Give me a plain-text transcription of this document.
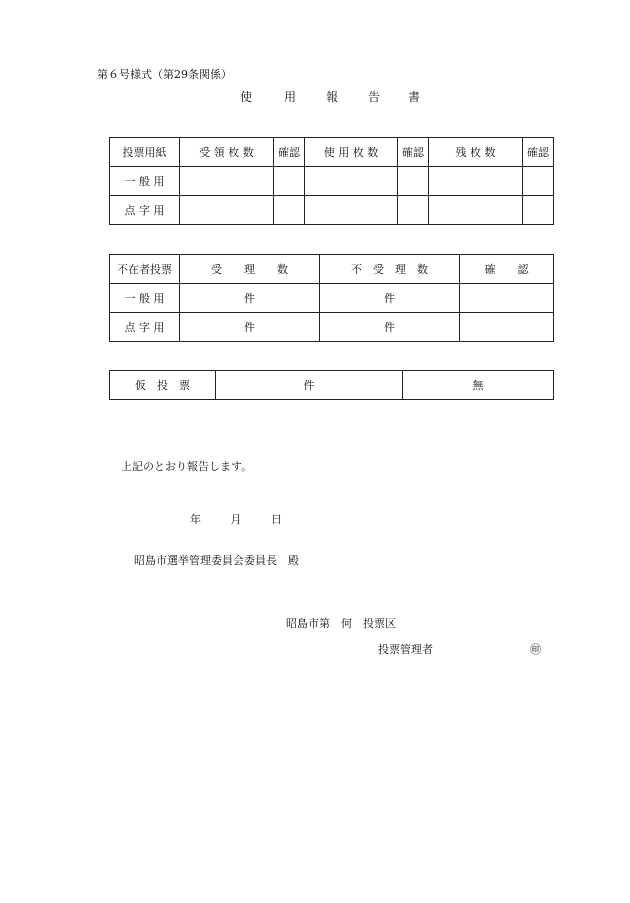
第６号様式（第29条関係）
使	用 報 告 書
投票用紙	受 領 枚 数	確認	使 用 枚 数	確認	残 枚 数	確認
一 般 用						
点 字 用						
不在者投票	受　　理　　数	不　受　理　数	確　　認
一 般 用	件	件	
点 字 用	件	件	
仮　投　票	件	無
上記のとおり報告します。
年	月	日
昭島市選挙管理委員会委員長　殿
昭島市第　何　投票区
投票管理者	㊞
